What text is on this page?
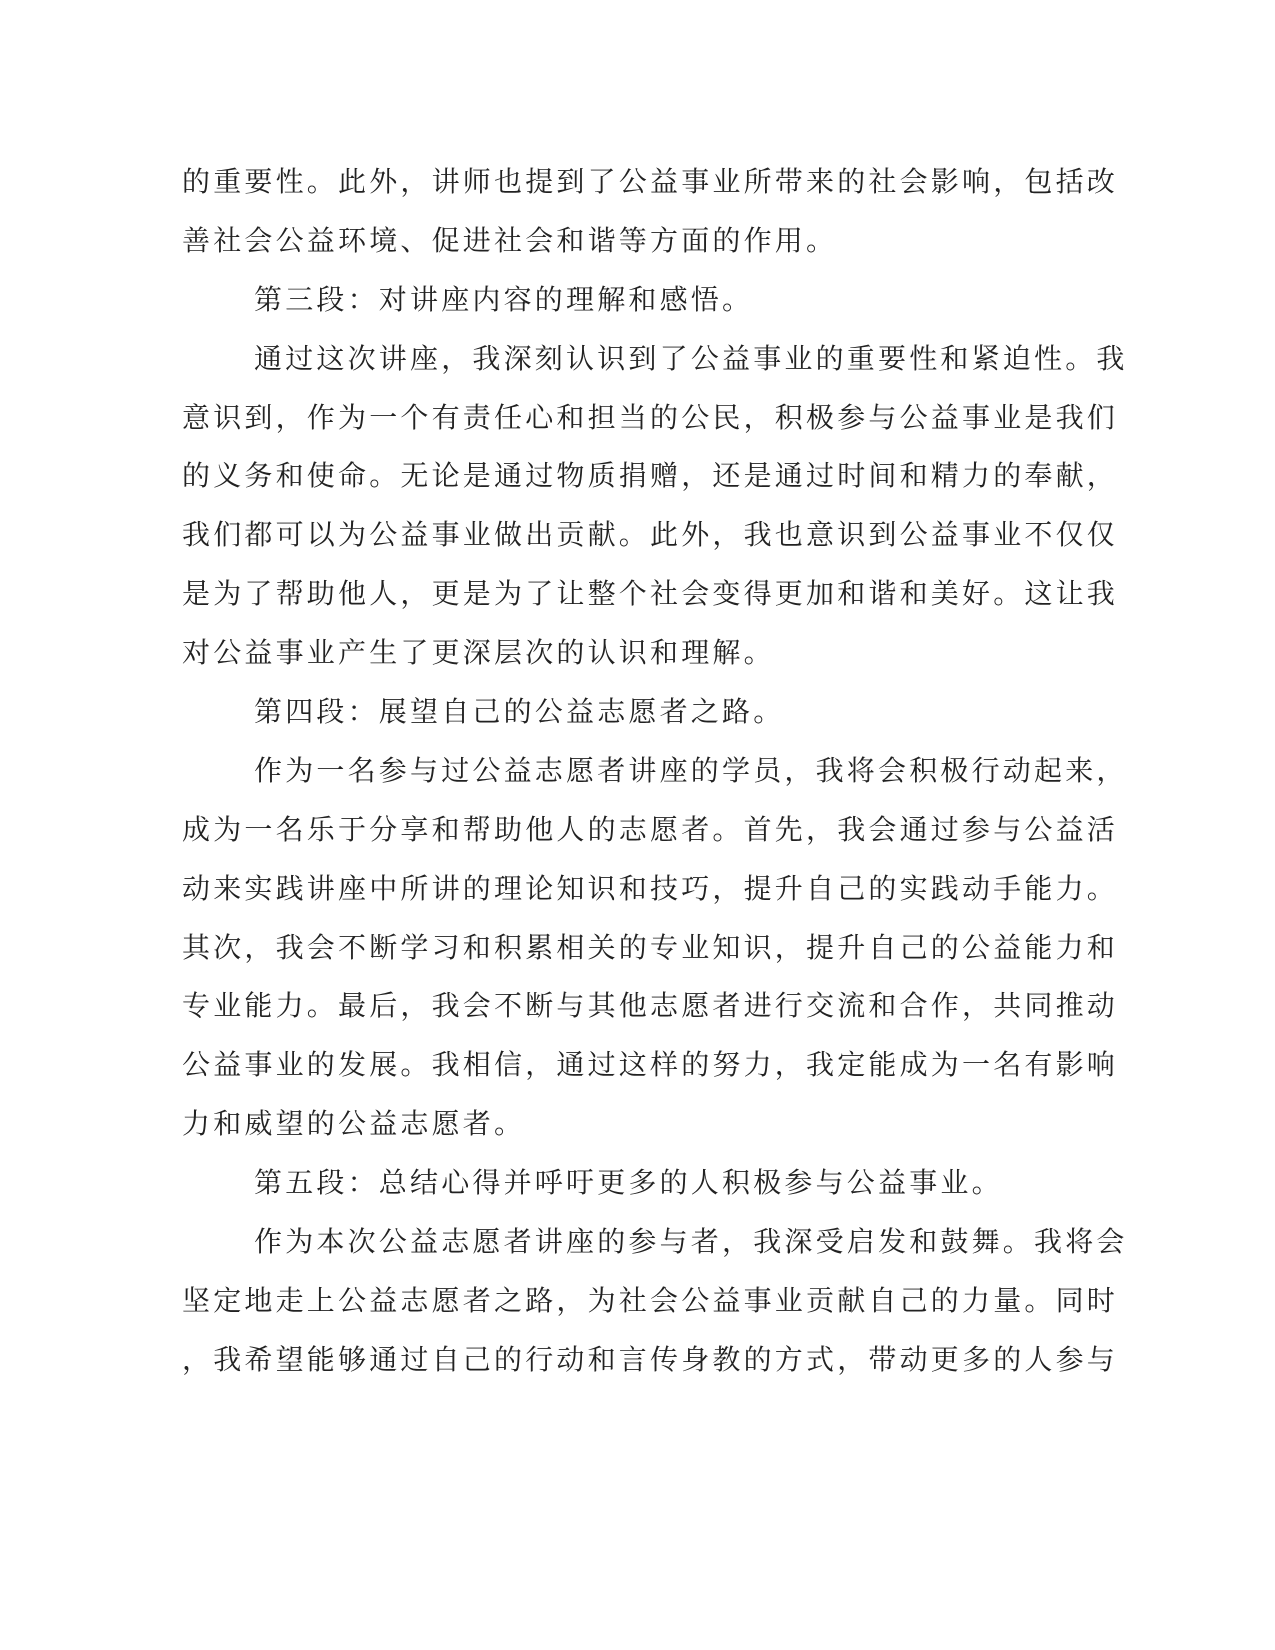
的重要性。此外，讲师也提到了公益事业所带来的社会影响，包括改
善社会公益环境、促进社会和谐等方面的作用。
第三段：对讲座内容的理解和感悟。
通过这次讲座，我深刻认识到了公益事业的重要性和紧迫性。我
意识到，作为一个有责任心和担当的公民，积极参与公益事业是我们
的义务和使命。无论是通过物质捐赠，还是通过时间和精力的奉献，
我们都可以为公益事业做出贡献。此外，我也意识到公益事业不仅仅
是为了帮助他人，更是为了让整个社会变得更加和谐和美好。这让我
对公益事业产生了更深层次的认识和理解。
第四段：展望自己的公益志愿者之路。
作为一名参与过公益志愿者讲座的学员，我将会积极行动起来，
成为一名乐于分享和帮助他人的志愿者。首先，我会通过参与公益活
动来实践讲座中所讲的理论知识和技巧，提升自己的实践动手能力。
其次，我会不断学习和积累相关的专业知识，提升自己的公益能力和
专业能力。最后，我会不断与其他志愿者进行交流和合作，共同推动
公益事业的发展。我相信，通过这样的努力，我定能成为一名有影响
力和威望的公益志愿者。
第五段：总结心得并呼吁更多的人积极参与公益事业。
作为本次公益志愿者讲座的参与者，我深受启发和鼓舞。我将会
坚定地走上公益志愿者之路，为社会公益事业贡献自己的力量。同时
，我希望能够通过自己的行动和言传身教的方式，带动更多的人参与
